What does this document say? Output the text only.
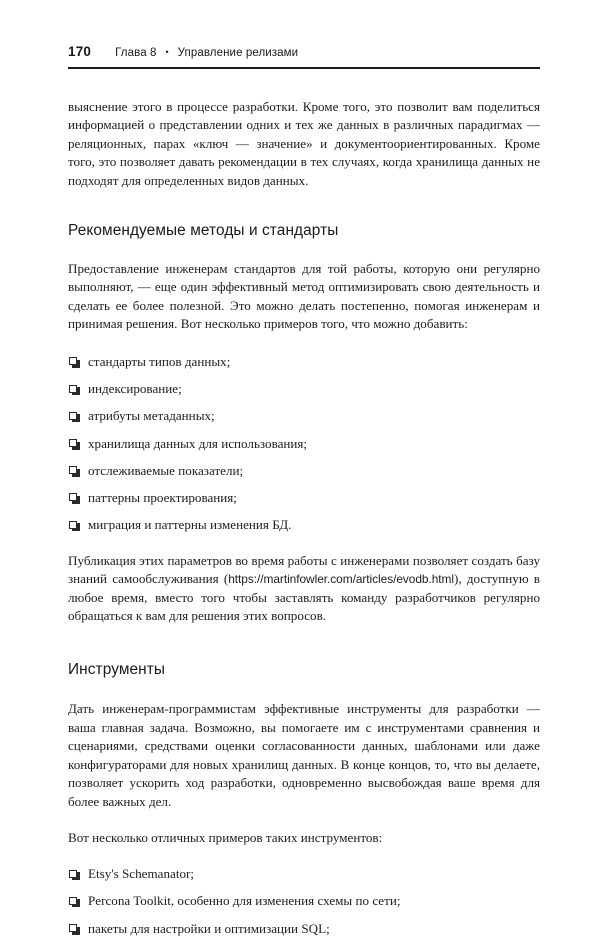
170 Глава 8 • Управление релизами

выяснение этого в процессе разработки. Кроме того, это позволит вам поделиться информацией о представлении одних и тех же данных в различных парадигмах — реляционных, парах «ключ — значение» и документоориентированных. Кроме того, это позволяет давать рекомендации в тех случаях, когда хранилища данных не подходят для определенных видов данных.

Рекомендуемые методы и стандарты

Предоставление инженерам стандартов для той работы, которую они регулярно выполняют, — еще один эффективный метод оптимизировать свою деятельность и сделать ее более полезной. Это можно делать постепенно, помогая инженерам и принимая решения. Вот несколько примеров того, что можно добавить:

стандарты типов данных;
индексирование;
атрибуты метаданных;
хранилища данных для использования;
отслеживаемые показатели;
паттерны проектирования;
миграция и паттерны изменения БД.

Публикация этих параметров во время работы с инженерами позволяет создать базу знаний самообслуживания (https://martinfowler.com/articles/evodb.html), доступную в любое время, вместо того чтобы заставлять команду разработчиков регулярно обращаться к вам для решения этих вопросов.

Инструменты

Дать инженерам-программистам эффективные инструменты для разработки — ваша главная задача. Возможно, вы помогаете им с инструментами сравнения и сценариями, средствами оценки согласованности данных, шаблонами или даже конфигураторами для новых хранилищ данных. В конце концов, то, что вы делаете, позволяет ускорить ход разработки, одновременно высвобождая ваше время для более важных дел.

Вот несколько отличных примеров таких инструментов:

Etsy's Schemanator;
Percona Toolkit, особенно для изменения схемы по сети;
пакеты для настройки и оптимизации SQL;
